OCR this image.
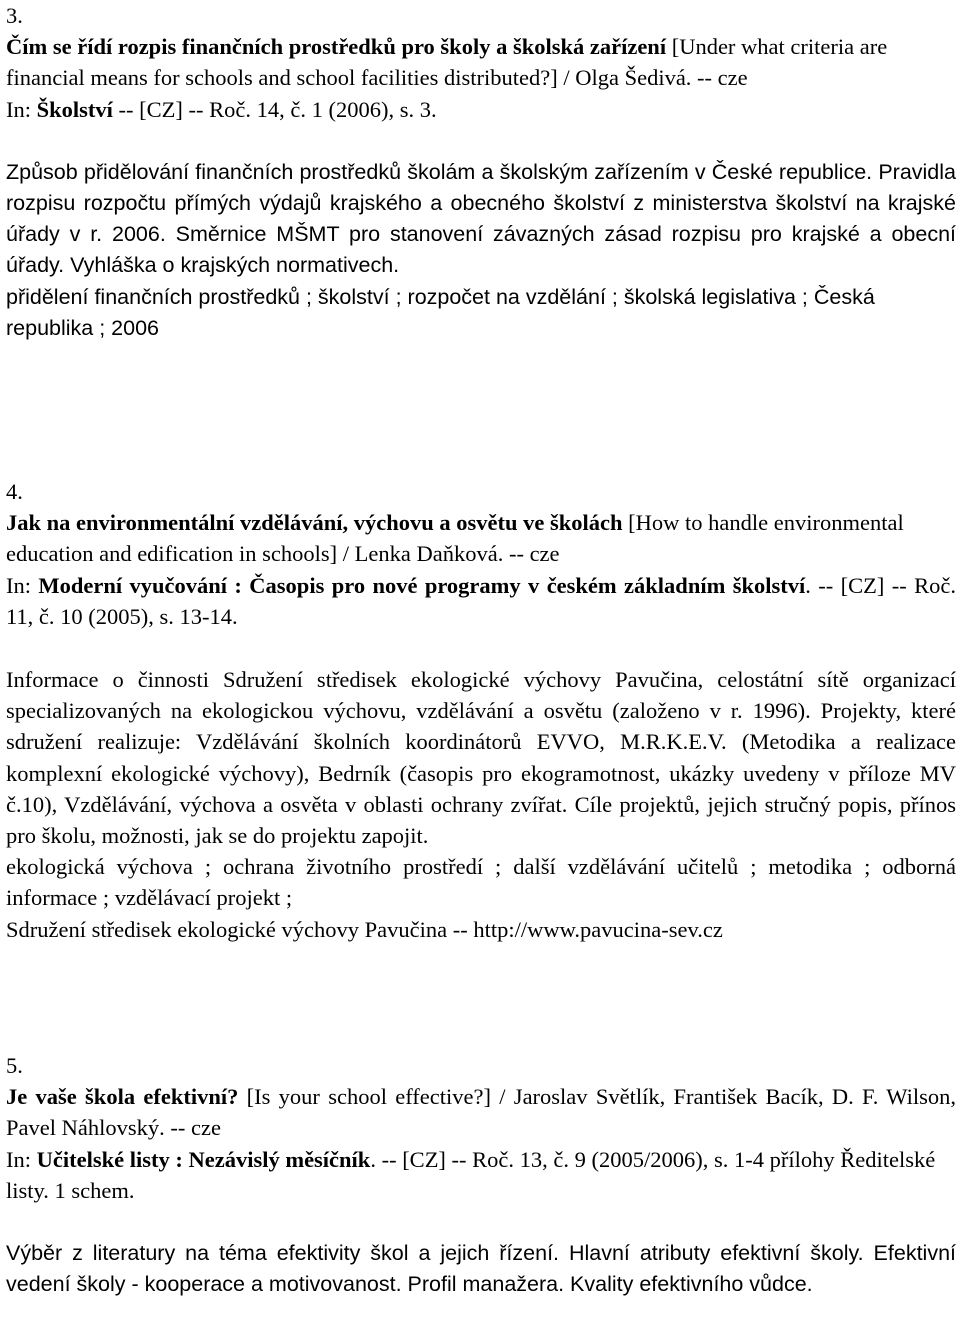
3.

Čím se řídí rozpis finančních prostředků pro školy a školská zařízení [Under what criteria are financial means for schools and school facilities distributed?] / Olga Šedivá. -- cze

In: Školství -- [CZ] -- Roč. 14, č. 1 (2006), s. 3.

Způsob přidělování finančních prostředků školám a školským zařízením v České republice. Pravidla rozpisu rozpočtu přímých výdajů krajského a obecného školství z ministerstva školství na krajské úřady v r. 2006. Směrnice MŠMT pro stanovení závazných zásad rozpisu pro krajské a obecní úřady. Vyhláška o krajských normativech.

přidělení finančních prostředků ; školství ; rozpočet na vzdělání ; školská legislativa ; Česká republika ; 2006

4.

Jak na environmentální vzdělávání, výchovu a osvětu ve školách [How to handle environmental education and edification in schools] / Lenka Daňková. -- cze

In: Moderní vyučování : Časopis pro nové programy v českém základním školství. -- [CZ] -- Roč. 11, č. 10 (2005), s. 13-14.

Informace o činnosti Sdružení středisek ekologické výchovy Pavučina, celostátní sítě organizací specializovaných na ekologickou výchovu, vzdělávání a osvětu (založeno v r. 1996). Projekty, které sdružení realizuje: Vzdělávání školních koordinátorů EVVO, M.R.K.E.V. (Metodika a realizace komplexní ekologické výchovy), Bedrník (časopis pro ekogramotnost, ukázky uvedeny v příloze MV č.10), Vzdělávání, výchova a osvěta v oblasti ochrany zvířat. Cíle projektů, jejich stručný popis, přínos pro školu, možnosti, jak se do projektu zapojit.

ekologická výchova ; ochrana životního prostředí ; další vzdělávání učitelů ; metodika ; odborná informace ; vzdělávací projekt ;

Sdružení středisek ekologické výchovy Pavučina -- http://www.pavucina-sev.cz

5.

Je vaše škola efektivní? [Is your school effective?] / Jaroslav Světlík, František Bacík, D. F. Wilson, Pavel Náhlovský. -- cze

In: Učitelské listy : Nezávislý měsíčník. -- [CZ] -- Roč. 13, č. 9 (2005/2006), s. 1-4 přílohy Ředitelské listy. 1 schem.

Výběr z literatury na téma efektivity škol a jejich řízení. Hlavní atributy efektivní školy. Efektivní vedení školy - kooperace a motivovanost. Profil manažera. Kvality efektivního vůdce.
